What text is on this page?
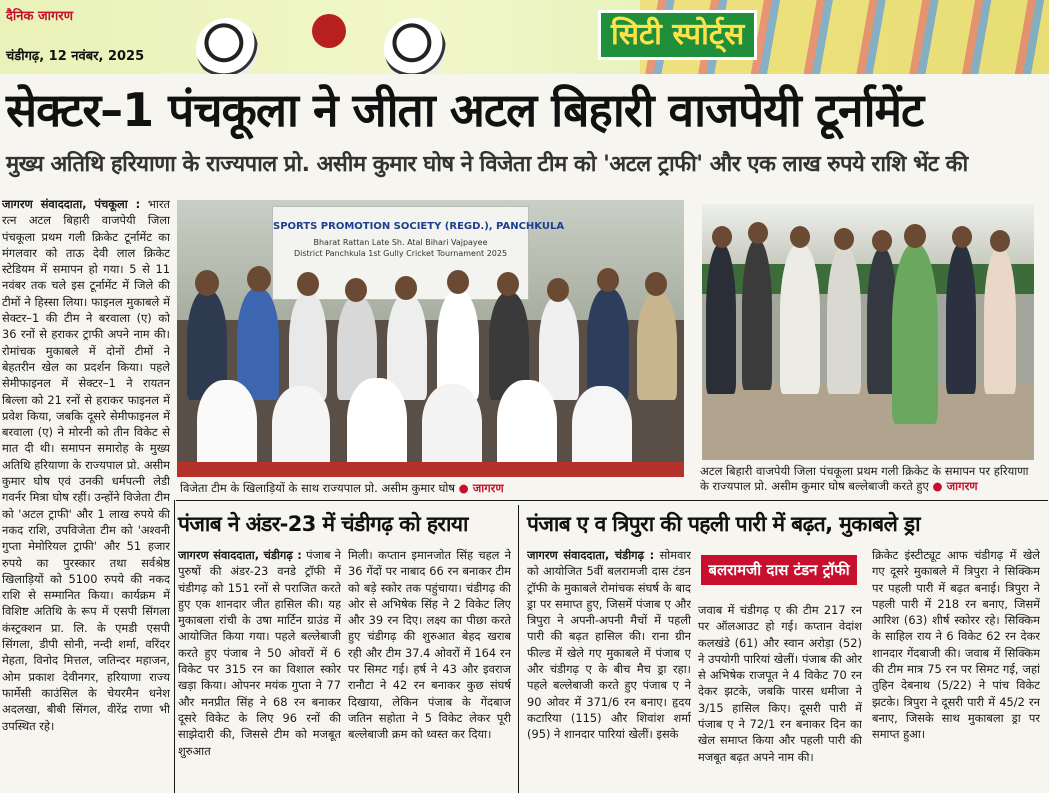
दैनिक जागरण
चंडीगढ़, 12 नवंबर, 2025
सिटी स्पोर्ट्स
सेक्टर–1 पंचकूला ने जीता अटल बिहारी वाजपेयी टूर्नामेंट
मुख्य अतिथि हरियाणा के राज्यपाल प्रो. असीम कुमार घोष ने विजेता टीम को 'अटल ट्राफी' और एक लाख रुपये राशि भेंट की

जागरण संवाददाता, पंचकूला : भारत रत्न अटल बिहारी वाजपेयी जिला पंचकूला प्रथम गली क्रिकेट टूर्नामेंट का मंगलवार को ताऊ देवी लाल क्रिकेट स्टेडियम में समापन हो गया। 5 से 11 नवंबर तक चले इस टूर्नामेंट में जिले की टीमों ने हिस्सा लिया। फाइनल मुकाबले में सेक्टर–1 की टीम ने बरवाला (ए) को 36 रनों से हराकर ट्राफी अपने नाम की। रोमांचक मुकाबले में दोनों टीमों ने बेहतरीन खेल का प्रदर्शन किया। पहले सेमीफाइनल में सेक्टर–1 ने रायतन बिल्ला को 21 रनों से हराकर फाइनल में प्रवेश किया, जबकि दूसरे सेमीफाइनल में बरवाला (ए) ने मोरनी को तीन विकेट से मात दी थी। समापन समारोह के मुख्य अतिथि हरियाणा के राज्यपाल प्रो. असीम कुमार घोष एवं उनकी धर्मपत्नी लेडी गवर्नर मित्रा घोष रहीं। उन्होंने विजेता टीम को 'अटल ट्राफी' और 1 लाख रुपये की नकद राशि, उपविजेता टीम को 'अश्वनी गुप्ता मेमोरियल ट्राफी' और 51 हजार रुपये का पुरस्कार तथा सर्वश्रेष्ठ खिलाड़ियों को 5100 रुपये की नकद राशि से सम्मानित किया। कार्यक्रम में विशिष्ट अतिथि के रूप में एसपी सिंगला कंस्ट्रक्शन प्रा. लि. के एमडी एसपी सिंगला, डीपी सोनी, नन्दी शर्मा, वरिंदर मेहता, विनोद मित्तल, जतिन्दर महाजन, ओम प्रकाश देवीनगर, हरियाणा राज्य फार्मेसी काउंसिल के चेयरमैन धनेश अदलखा, बीबी सिंगल, वीरेंद्र राणा भी उपस्थित रहे।

SPORTS PROMOTION SOCIETY (REGD.), PANCHKULA
Bharat Rattan Late Sh. Atal Bihari Vajpayee
District Panchkula 1st Gully Cricket Tournament 2025
विजेता टीम के खिलाड़ियों के साथ राज्यपाल प्रो. असीम कुमार घोष ● जागरण
अटल बिहारी वाजपेयी जिला पंचकूला प्रथम गली क्रिकेट के समापन पर हरियाणा के राज्यपाल प्रो. असीम कुमार घोष बल्लेबाजी करते हुए ● जागरण
पंजाब ने अंडर-23 में चंडीगढ़ को हराया

जागरण संवाददाता, चंडीगढ़ : पंजाब ने पुरुषों की अंडर-23 वनडे ट्रॉफी में चंडीगढ़ को 151 रनों से पराजित करते हुए एक शानदार जीत हासिल की। यह मुकाबला रांची के उषा मार्टिन ग्राउंड में आयोजित किया गया। पहले बल्लेबाजी करते हुए पंजाब ने 50 ओवरों में 6 विकेट पर 315 रन का विशाल स्कोर खड़ा किया। ओपनर मयंक गुप्ता ने 77 और मनप्रीत सिंह ने 68 रन बनाकर दूसरे विकेट के लिए 96 रनों की साझेदारी की, जिससे टीम को मजबूत शुरुआत

मिली। कप्तान इमानजोत सिंह चहल ने 36 गेंदों पर नाबाद 66 रन बनाकर टीम को बड़े स्कोर तक पहुंचाया। चंडीगढ़ की ओर से अभिषेक सिंह ने 2 विकेट लिए और 39 रन दिए। लक्ष्य का पीछा करते हुए चंडीगढ़ की शुरुआत बेहद खराब रही और टीम 37.4 ओवरों में 164 रन पर सिमट गई। हर्ष ने 43 और इवराज रानौटा ने 42 रन बनाकर कुछ संघर्ष दिखाया, लेकिन पंजाब के गेंदबाज जतिन सहोता ने 5 विकेट लेकर पूरी बल्लेबाजी क्रम को ध्वस्त कर दिया।

पंजाब ए व त्रिपुरा की पहली पारी में बढ़त, मुकाबले ड्रा

जागरण संवाददाता, चंडीगढ़ : सोमवार को आयोजित 5वीं बलरामजी दास टंडन ट्रॉफी के मुकाबले रोमांचक संघर्ष के बाद ड्रा पर समाप्त हुए, जिसमें पंजाब ए और त्रिपुरा ने अपनी-अपनी मैचों में पहली पारी की बढ़त हासिल की। राना ग्रीन फील्ड में खेले गए मुकाबले में पंजाब ए और चंडीगढ़ ए के बीच मैच ड्रा रहा। पहले बल्लेबाजी करते हुए पंजाब ए ने 90 ओवर में 371/6 रन बनाए। हृदय कटारिया (115) और शिवांश शर्मा (95) ने शानदार पारियां खेलीं। इसके

बलरामजी दास टंडन ट्रॉफी

जवाब में चंडीगढ़ ए की टीम 217 रन पर ऑलआउट हो गई। कप्तान वेदांश कलखंडे (61) और स्वान अरोड़ा (52) ने उपयोगी पारियां खेलीं। पंजाब की ओर से अभिषेक राजपूत ने 4 विकेट 70 रन देकर झटके, जबकि पारस धमीजा ने 3/15 हासिल किए। दूसरी पारी में पंजाब ए ने 72/1 रन बनाकर दिन का खेल समाप्त किया और पहली पारी की मजबूत बढ़त अपने नाम की।

क्रिकेट इंस्टीट्यूट आफ चंडीगढ़ में खेले गए दूसरे मुकाबले में त्रिपुरा ने सिक्किम पर पहली पारी में बढ़त बनाई। त्रिपुरा ने पहली पारी में 218 रन बनाए, जिसमें आरिश (63) शीर्ष स्कोरर रहे। सिक्किम के साहिल राय ने 6 विकेट 62 रन देकर शानदार गेंदबाजी की। जवाब में सिक्किम की टीम मात्र 75 रन पर सिमट गई, जहां तुहिन देबनाथ (5/22) ने पांच विकेट झटके। त्रिपुरा ने दूसरी पारी में 45/2 रन बनाए, जिसके साथ मुकाबला ड्रा पर समाप्त हुआ।
